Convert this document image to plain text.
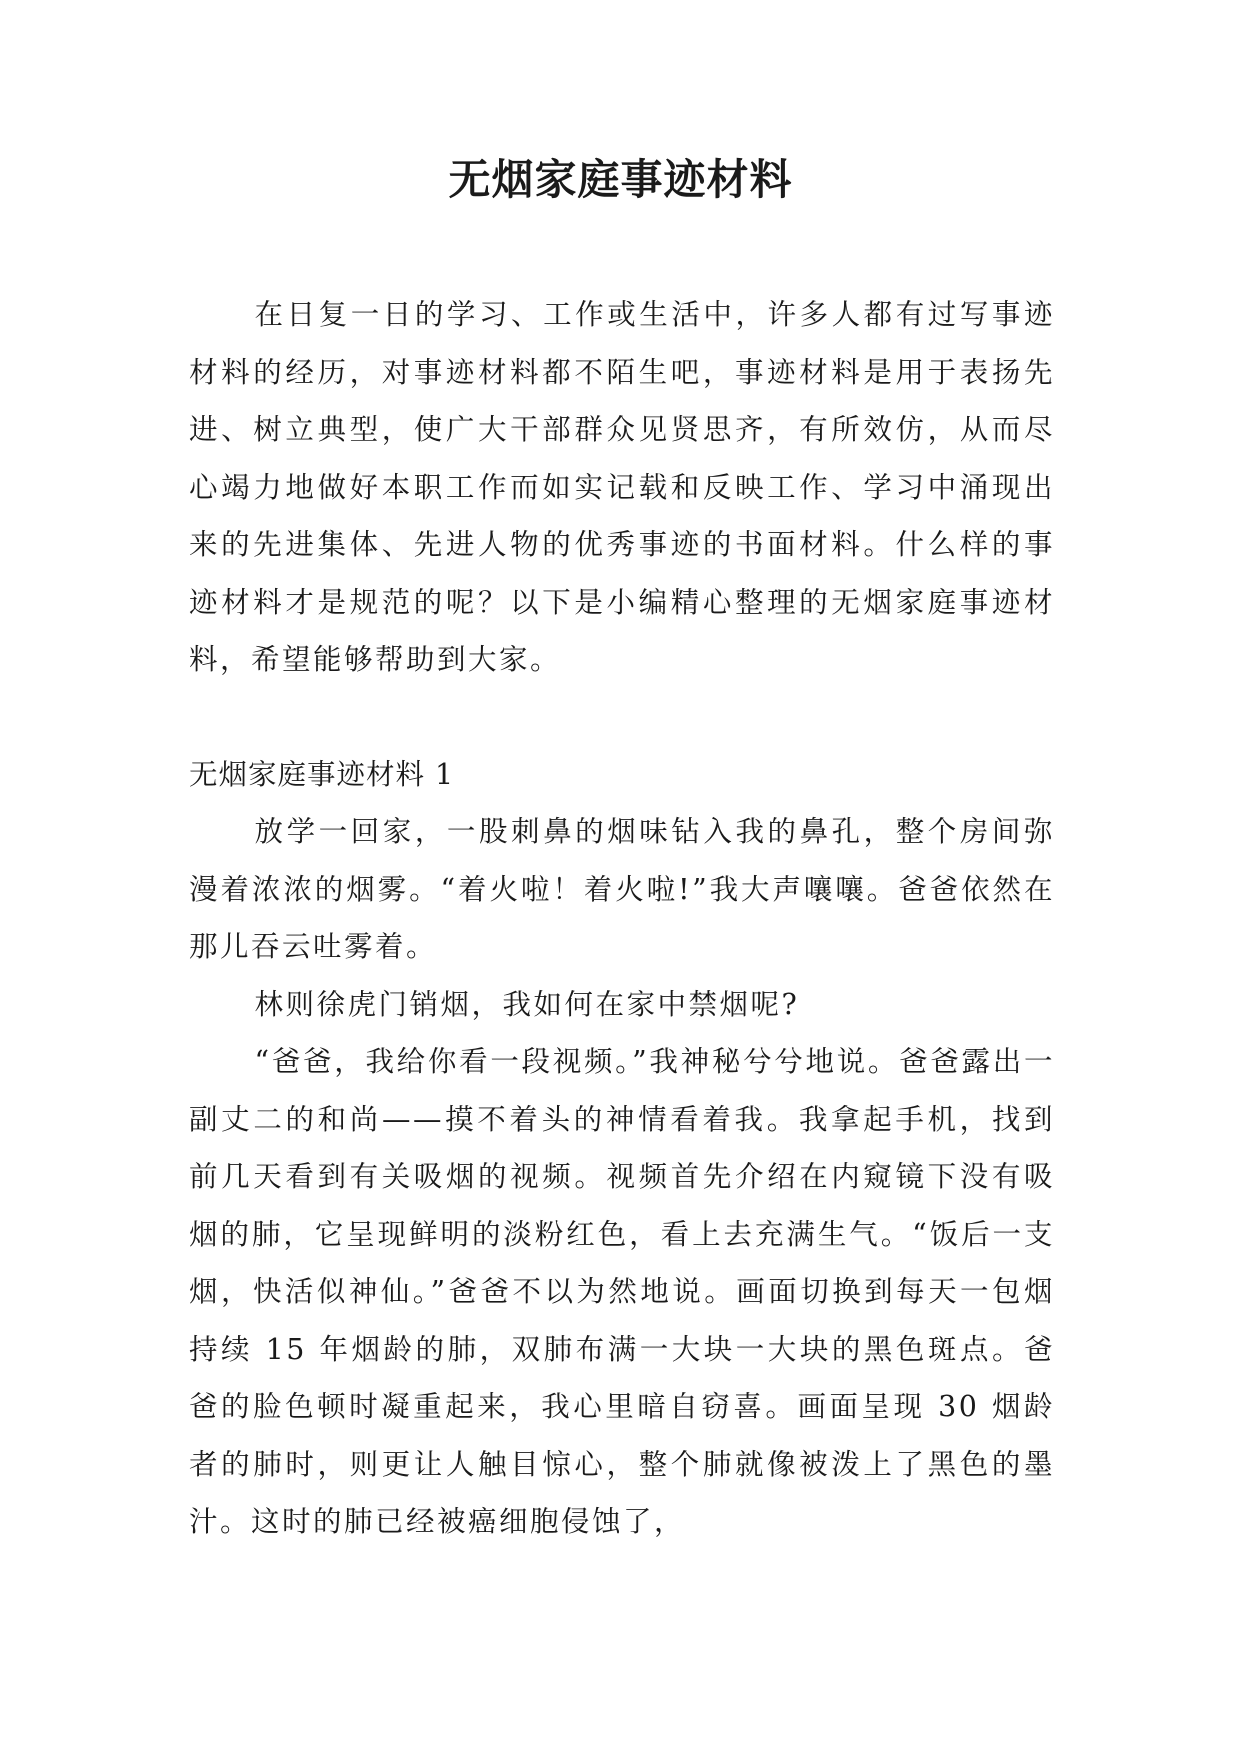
无烟家庭事迹材料

在日复一日的学习、工作或生活中，许多人都有过写事迹材料的经历，对事迹材料都不陌生吧，事迹材料是用于表扬先进、树立典型，使广大干部群众见贤思齐，有所效仿，从而尽心竭力地做好本职工作而如实记载和反映工作、学习中涌现出来的先进集体、先进人物的优秀事迹的书面材料。什么样的事迹材料才是规范的呢？以下是小编精心整理的无烟家庭事迹材料，希望能够帮助到大家。

无烟家庭事迹材料 1

放学一回家，一股刺鼻的烟味钻入我的鼻孔，整个房间弥漫着浓浓的烟雾。“着火啦！着火啦!”我大声嚷嚷。爸爸依然在那儿吞云吐雾着。

林则徐虎门销烟，我如何在家中禁烟呢?

“爸爸，我给你看一段视频。”我神秘兮兮地说。爸爸露出一副丈二的和尚——摸不着头的神情看着我。我拿起手机，找到前几天看到有关吸烟的视频。视频首先介绍在内窥镜下没有吸烟的肺，它呈现鲜明的淡粉红色，看上去充满生气。“饭后一支烟，快活似神仙。”爸爸不以为然地说。画面切换到每天一包烟持续 15 年烟龄的肺，双肺布满一大块一大块的黑色斑点。爸爸的脸色顿时凝重起来，我心里暗自窃喜。画面呈现 30 烟龄者的肺时，则更让人触目惊心，整个肺就像被泼上了黑色的墨汁。这时的肺已经被癌细胞侵蚀了，
